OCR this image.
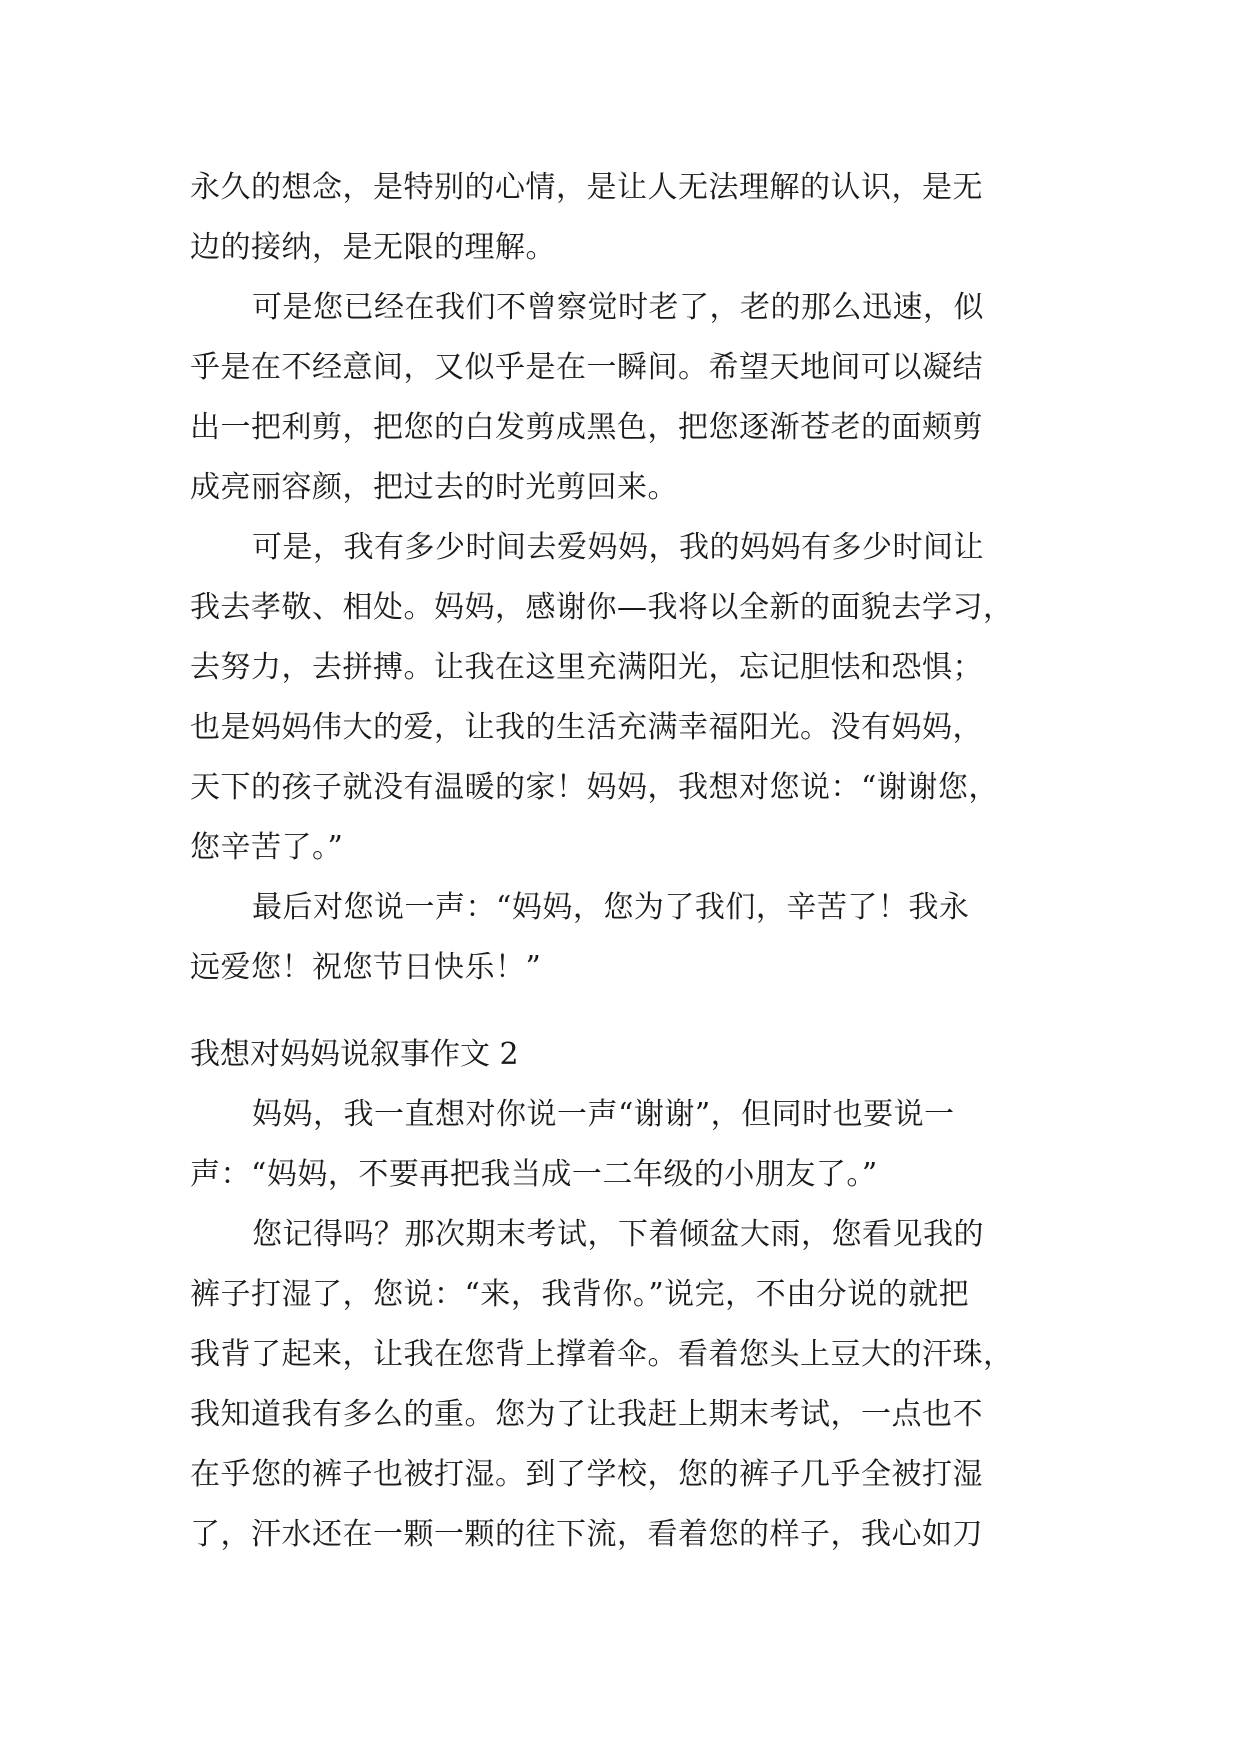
永久的想念，是特别的心情，是让人无法理解的认识，是无
边的接纳，是无限的理解。

可是您已经在我们不曾察觉时老了，老的那么迅速，似
乎是在不经意间，又似乎是在一瞬间。希望天地间可以凝结
出一把利剪，把您的白发剪成黑色，把您逐渐苍老的面颊剪
成亮丽容颜，把过去的时光剪回来。

可是，我有多少时间去爱妈妈，我的妈妈有多少时间让
我去孝敬、相处。妈妈，感谢你—我将以全新的面貌去学习，
去努力，去拼搏。让我在这里充满阳光，忘记胆怯和恐惧；
也是妈妈伟大的爱，让我的生活充满幸福阳光。没有妈妈，
天下的孩子就没有温暖的家！妈妈，我想对您说：“谢谢您，
您辛苦了。”

最后对您说一声：“妈妈，您为了我们，辛苦了！我永
远爱您！祝您节日快乐！”

我想对妈妈说叙事作文 2

妈妈，我一直想对你说一声“谢谢”，但同时也要说一
声：“妈妈，不要再把我当成一二年级的小朋友了。”

您记得吗？那次期末考试，下着倾盆大雨，您看见我的
裤子打湿了，您说：“来，我背你。”说完，不由分说的就把
我背了起来，让我在您背上撑着伞。看着您头上豆大的汗珠，
我知道我有多么的重。您为了让我赶上期末考试，一点也不
在乎您的裤子也被打湿。到了学校，您的裤子几乎全被打湿
了，汗水还在一颗一颗的往下流，看着您的样子，我心如刀
